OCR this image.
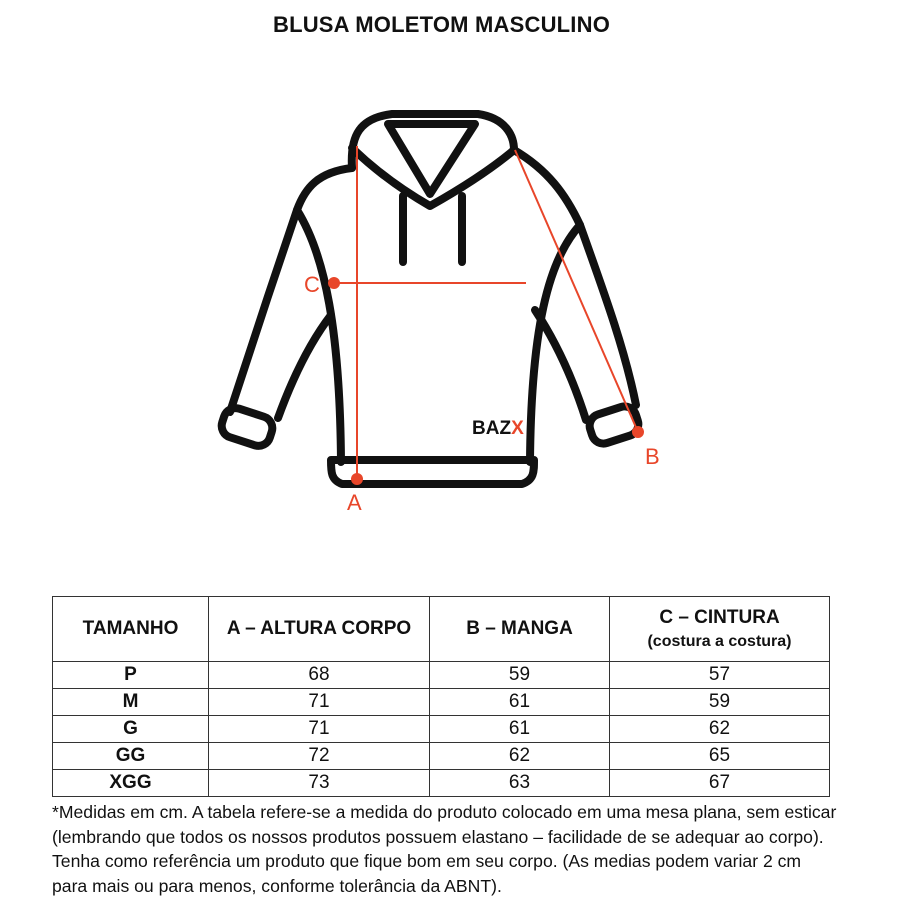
BLUSA MOLETOM MASCULINO
A
B
C
BAZX
TAMANHO	A – ALTURA CORPO	B – MANGA	C – CINTURA
(costura a costura)

P	68	59	57
M	71	61	59
G	71	61	62
GG	72	62	65
XGG	73	63	67
*Medidas em cm. A tabela refere-se a medida do produto colocado em uma mesa plana, sem esticar (lembrando que todos os nossos produtos possuem elastano – facilidade de se adequar ao corpo). Tenha como referência um produto que fique bom em seu corpo. (As medias podem variar 2 cm para mais ou para menos, conforme tolerância da ABNT).
